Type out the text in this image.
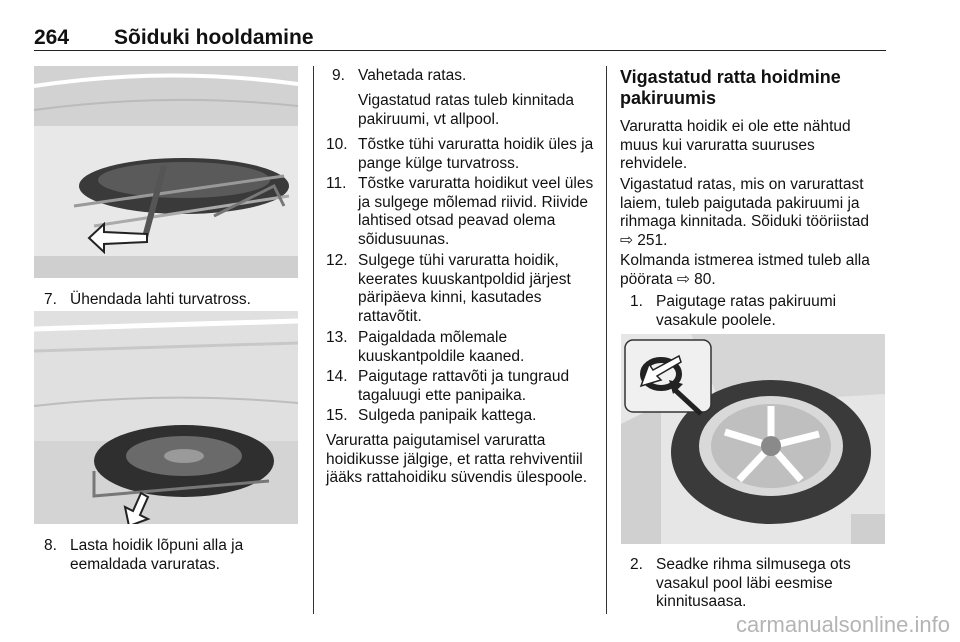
264 Sõiduki hooldamine
7. Ühendada lahti turvatross.
8. Lasta hoidik lõpuni alla ja eemaldada varuratas.
9. Vahetada ratas.
Vigastatud ratas tuleb kinnitada pakiruumi, vt allpool.
10. Tõstke tühi varuratta hoidik üles ja pange külge turvatross.
11. Tõstke varuratta hoidikut veel üles ja sulgege mõlemad riivid. Riivide lahtised otsad peavad olema sõidusuunas.
12. Sulgege tühi varuratta hoidik, keerates kuuskantpoldid järjest päripäeva kinni, kasutades rattavõtit.
13. Paigaldada mõlemale kuuskantpoldile kaaned.
14. Paigutage rattavõti ja tungraud tagaluugi ette panipaika.
15. Sulgeda panipaik kattega.
Varuratta paigutamisel varuratta hoidikusse jälgige, et ratta rehviventiil jääks rattahoidiku süvendis ülespoole.
Vigastatud ratta hoidmine pakiruumis
Varuratta hoidik ei ole ette nähtud muus kui varuratta suuruses rehvidele.
Vigastatud ratas, mis on varurattast laiem, tuleb paigutada pakiruumi ja rihmaga kinnitada. Sõiduki tööriistad ⇨ 251.
Kolmanda istmerea istmed tuleb alla pöörata ⇨ 80.
1. Paigutage ratas pakiruumi vasakule poolele.
2. Seadke rihma silmusega ots vasakul pool läbi eesmise kinnitusaasa.
carmanualsonline.info
